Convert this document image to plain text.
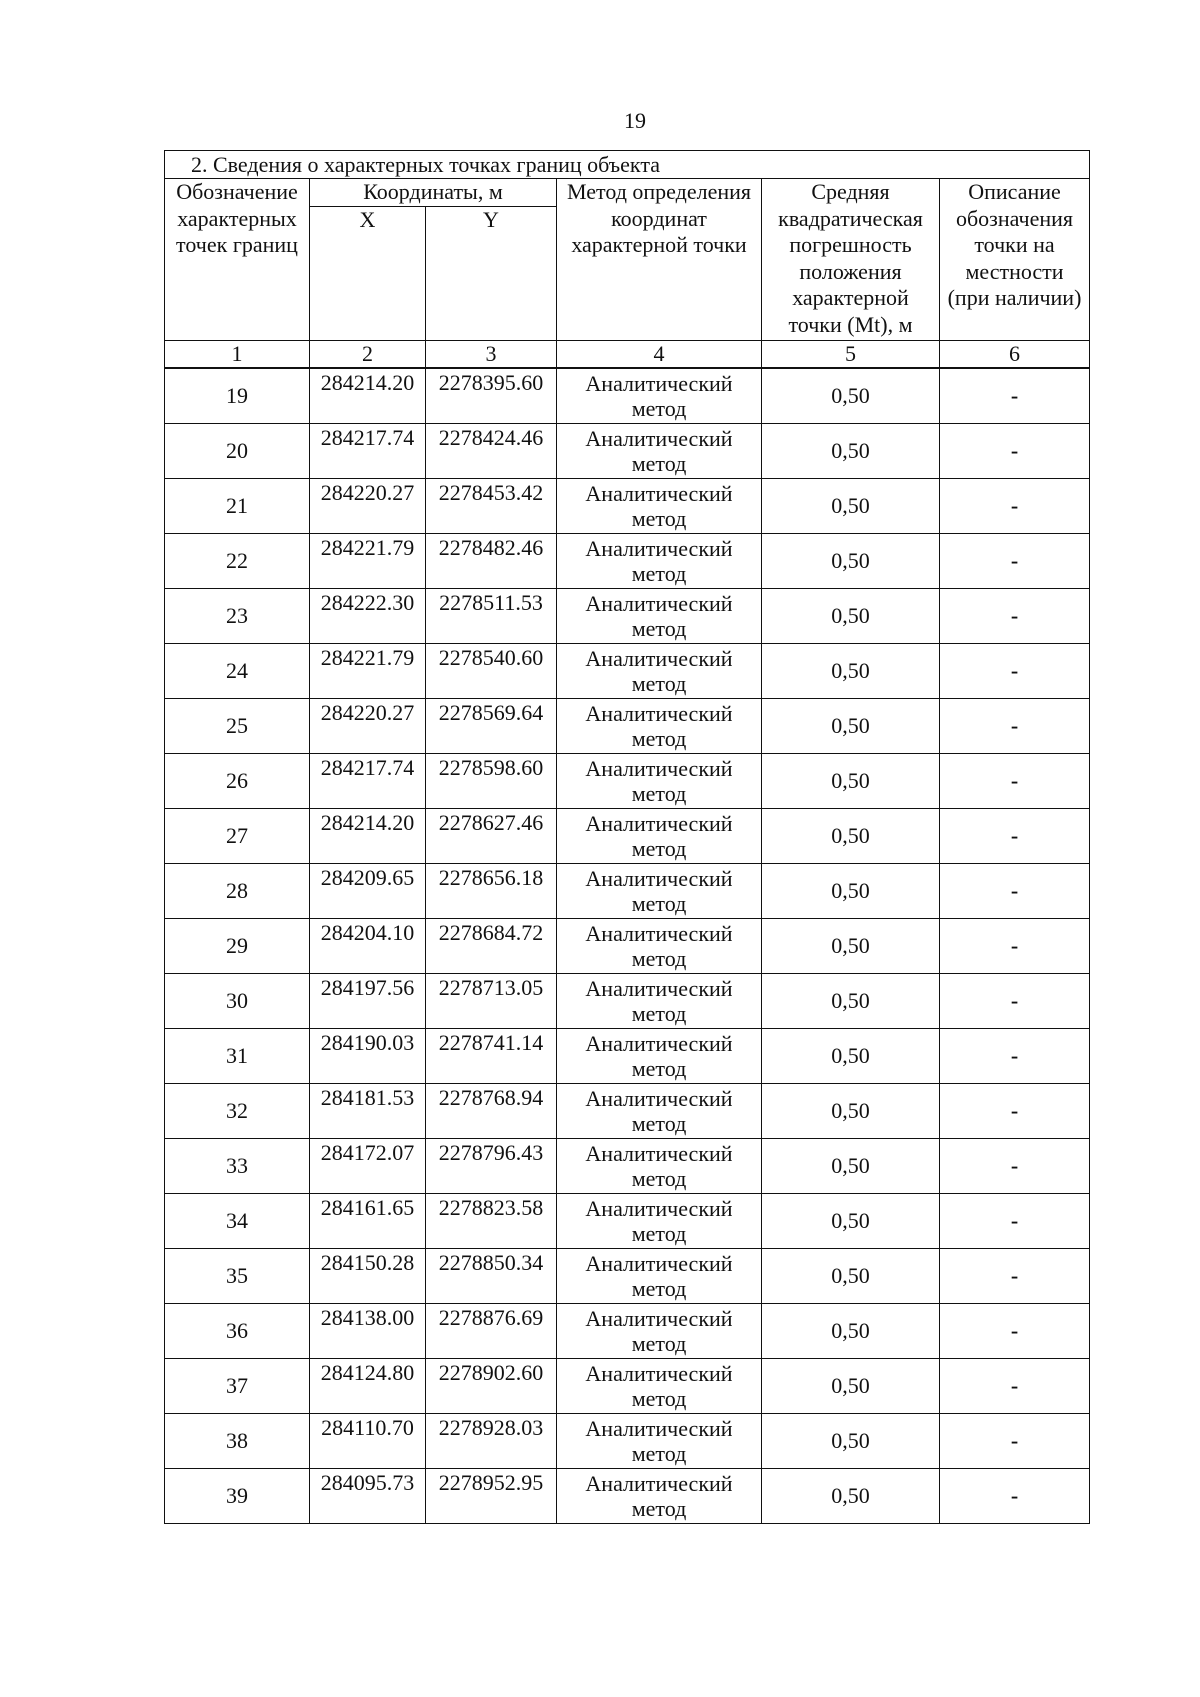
19
2. Сведения о характерных точках границ объекта					
Обозначение характерных точек границ	Координаты, м		Метод определения координат характерной точки	Средняя квадратическая погрешность положения характерной точки (Mt), м	Описание обозначения точки на местности (при наличии)
	X	Y			
1	2	3	4	5	6
19	284214.20	2278395.60	Аналитический метод	0,50	-
20	284217.74	2278424.46	Аналитический метод	0,50	-
21	284220.27	2278453.42	Аналитический метод	0,50	-
22	284221.79	2278482.46	Аналитический метод	0,50	-
23	284222.30	2278511.53	Аналитический метод	0,50	-
24	284221.79	2278540.60	Аналитический метод	0,50	-
25	284220.27	2278569.64	Аналитический метод	0,50	-
26	284217.74	2278598.60	Аналитический метод	0,50	-
27	284214.20	2278627.46	Аналитический метод	0,50	-
28	284209.65	2278656.18	Аналитический метод	0,50	-
29	284204.10	2278684.72	Аналитический метод	0,50	-
30	284197.56	2278713.05	Аналитический метод	0,50	-
31	284190.03	2278741.14	Аналитический метод	0,50	-
32	284181.53	2278768.94	Аналитический метод	0,50	-
33	284172.07	2278796.43	Аналитический метод	0,50	-
34	284161.65	2278823.58	Аналитический метод	0,50	-
35	284150.28	2278850.34	Аналитический метод	0,50	-
36	284138.00	2278876.69	Аналитический метод	0,50	-
37	284124.80	2278902.60	Аналитический метод	0,50	-
38	284110.70	2278928.03	Аналитический метод	0,50	-
39	284095.73	2278952.95	Аналитический метод	0,50	-
